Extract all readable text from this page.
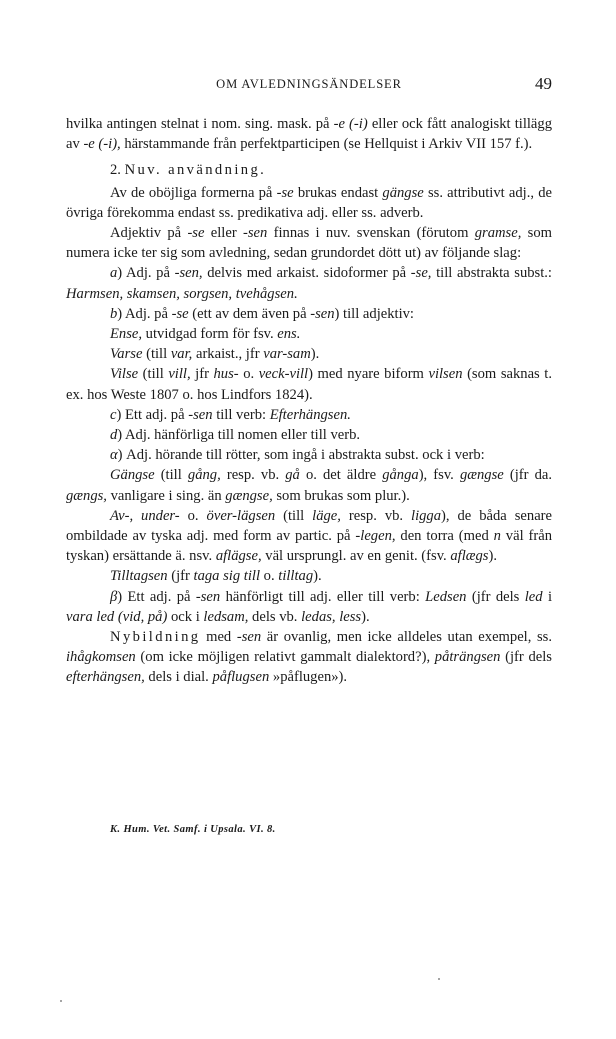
OM AVLEDNINGSÄNDELSER	49

hvilka antingen stelnat i nom. sing. mask. på -e (-i) eller ock fått analogiskt tillägg av -e (-i), härstammande från perfektparticipen (se Hellquist i Arkiv VII 157 f.).

2. Nuv. användning.

Av de oböjliga formerna på -se brukas endast gängse ss. attributivt adj., de övriga förekomma endast ss. predikativa adj. eller ss. adverb.

Adjektiv på -se eller -sen finnas i nuv. svenskan (förutom gramse, som numera icke ter sig som avledning, sedan grundordet dött ut) av följande slag:

a) Adj. på -sen, delvis med arkaist. sidoformer på -se, till abstrakta subst.: Harmsen, skamsen, sorgsen, tvehågsen.

b) Adj. på -se (ett av dem även på -sen) till adjektiv:

Ense, utvidgad form för fsv. ens.

Varse (till var, arkaist., jfr var-sam).

Vilse (till vill, jfr hus- o. veck-vill) med nyare biform vilsen (som saknas t. ex. hos Weste 1807 o. hos Lindfors 1824).

c) Ett adj. på -sen till verb: Efterhängsen.

d) Adj. hänförliga till nomen eller till verb.

α) Adj. hörande till rötter, som ingå i abstrakta subst. ock i verb:

Gängse (till gång, resp. vb. gå o. det äldre gånga), fsv. gængse (jfr da. gængs, vanligare i sing. än gængse, som brukas som plur.).

Av-, under- o. över-lägsen (till läge, resp. vb. ligga), de båda senare ombildade av tyska adj. med form av partic. på -legen, den torra (med n väl från tyskan) ersättande ä. nsv. aflägse, väl ursprungl. av en genit. (fsv. aflægs).

Tilltagsen (jfr taga sig till o. tilltag).

β) Ett adj. på -sen hänförligt till adj. eller till verb: Ledsen (jfr dels led i vara led (vid, på) ock i ledsam, dels vb. ledas, less).

Nybildning med -sen är ovanlig, men icke alldeles utan exempel, ss. ihågkomsen (om icke möjligen relativt gammalt dialektord?), påträngsen (jfr dels efterhängsen, dels i dial. påflugsen »påflugen»).

K. Hum. Vet. Samf. i Upsala. VI. 8.
